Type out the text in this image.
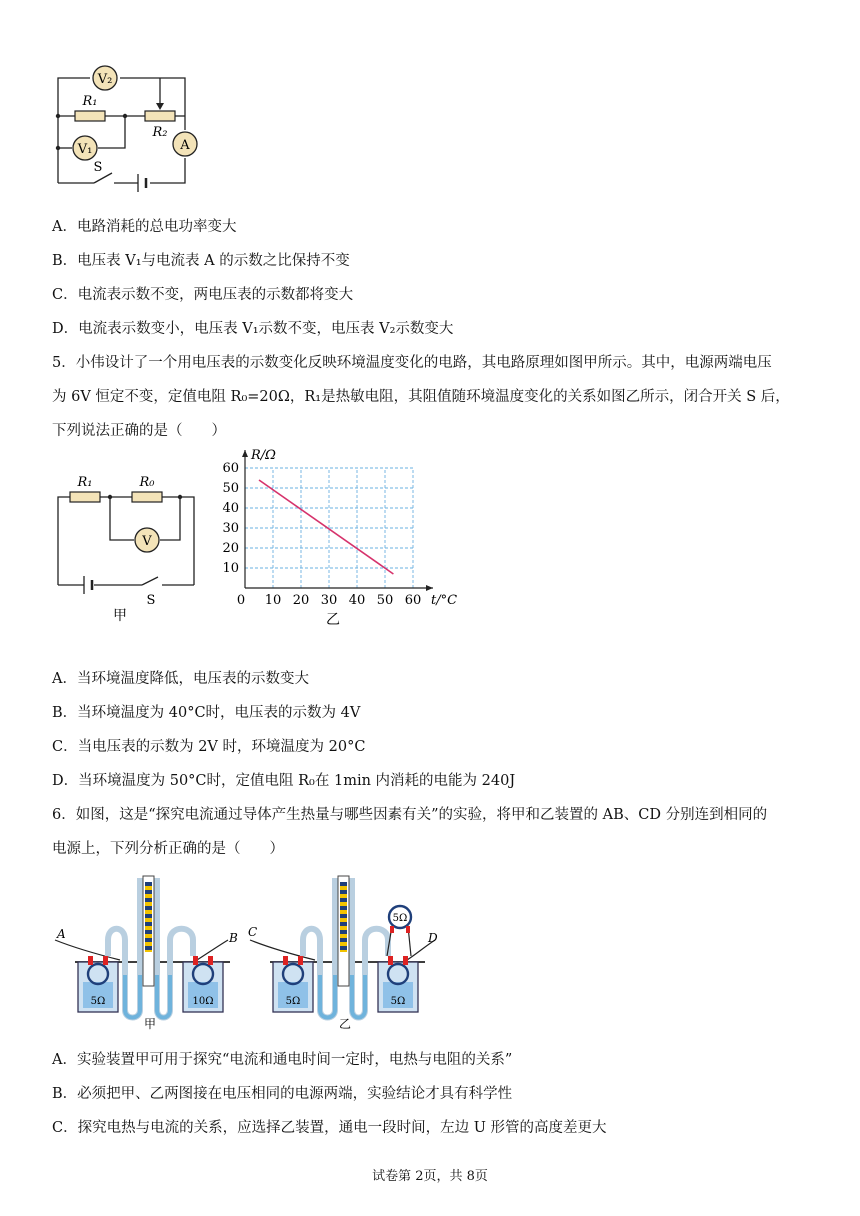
V₂
R₁
R₂
V₁	A
S
A．电路消耗的总电功率变大
B．电压表 V₁与电流表 A 的示数之比保持不变
C．电流表示数不变，两电压表的示数都将变大
D．电流表示数变小，电压表 V₁示数不变，电压表 V₂示数变大
5．小伟设计了一个用电压表的示数变化反映环境温度变化的电路，其电路原理如图甲所示。其中，电源两端电压
为 6V 恒定不变，定值电阻 R₀=20Ω，R₁是热敏电阻，其阻值随环境温度变化的关系如图乙所示，闭合开关 S 后，
下列说法正确的是（　　）
R₁	R₀
V
S
甲
0 10 20 30 40 50 60
10
20
30
40
50
60
R/Ω
t/°C
乙
A．当环境温度降低，电压表的示数变大
B．当环境温度为 40°C时，电压表的示数为 4V
C．当电压表的示数为 2V 时，环境温度为 20°C
D．当环境温度为 50°C时，定值电阻 R₀在 1min 内消耗的电能为 240J
6．如图，这是“探究电流通过导体产生热量与哪些因素有关”的实验，将甲和乙装置的 AB、CD 分别连到相同的
电源上，下列分析正确的是（　　）
A	B C	D
5Ω	10Ω	5Ω	5Ω
5Ω
甲	乙
A．实验装置甲可用于探究“电流和通电时间一定时，电热与电阻的关系”
B．必须把甲、乙两图接在电压相同的电源两端，实验结论才具有科学性
C．探究电热与电流的关系，应选择乙装置，通电一段时间，左边 U 形管的高度差更大
试卷第 2页，共 8页
